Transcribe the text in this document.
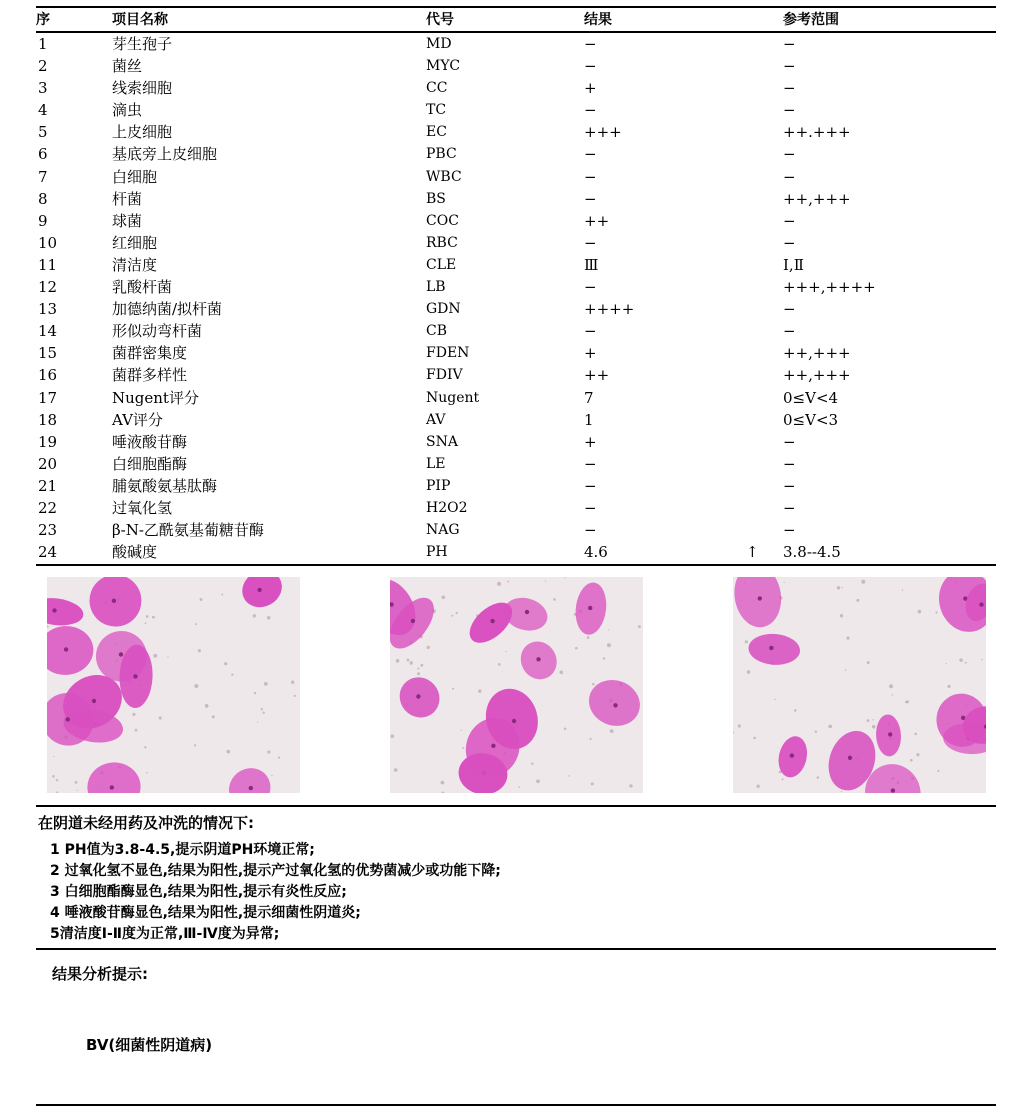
序	项目名称	代号	结果	参考范围
1	芽生孢子	MD	−	−
2	菌丝	MYC	−	−
3	线索细胞	CC	+	−
4	滴虫	TC	−	−
5	上皮细胞	EC	+++	++.+++
6	基底旁上皮细胞	PBC	−	−
7	白细胞	WBC	−	−
8	杆菌	BS	−	++,+++
9	球菌	COC	++	−
10	红细胞	RBC	−	−
11	清洁度	CLE	Ⅲ	Ⅰ,Ⅱ
12	乳酸杆菌	LB	−	+++,++++
13	加德纳菌/拟杆菌	GDN	++++	−
14	形似动弯杆菌	CB	−	−
15	菌群密集度	FDEN	+	++,+++
16	菌群多样性	FDIV	++	++,+++
17	Nugent评分	Nugent	7	0≤V<4
18	AV评分	AV	1	0≤V<3
19	唾液酸苷酶	SNA	+	−
20	白细胞酯酶	LE	−	−
21	脯氨酸氨基肽酶	PIP	−	−
22	过氧化氢	H2O2	−	−
23	β-N-乙酰氨基葡糖苷酶	NAG	−	−
24	酸碱度	PH	4.6	↑ 3.8--4.5
在阴道未经用药及冲洗的情况下:
1 PH值为3.8-4.5,提示阴道PH环境正常;
2 过氧化氢不显色,结果为阳性,提示产过氧化氢的优势菌减少或功能下降;
3 白细胞酯酶显色,结果为阳性,提示有炎性反应;
4 唾液酸苷酶显色,结果为阳性,提示细菌性阴道炎;
5清洁度Ⅰ-Ⅱ度为正常,Ⅲ-Ⅳ度为异常;
结果分析提示:
BV(细菌性阴道病)
